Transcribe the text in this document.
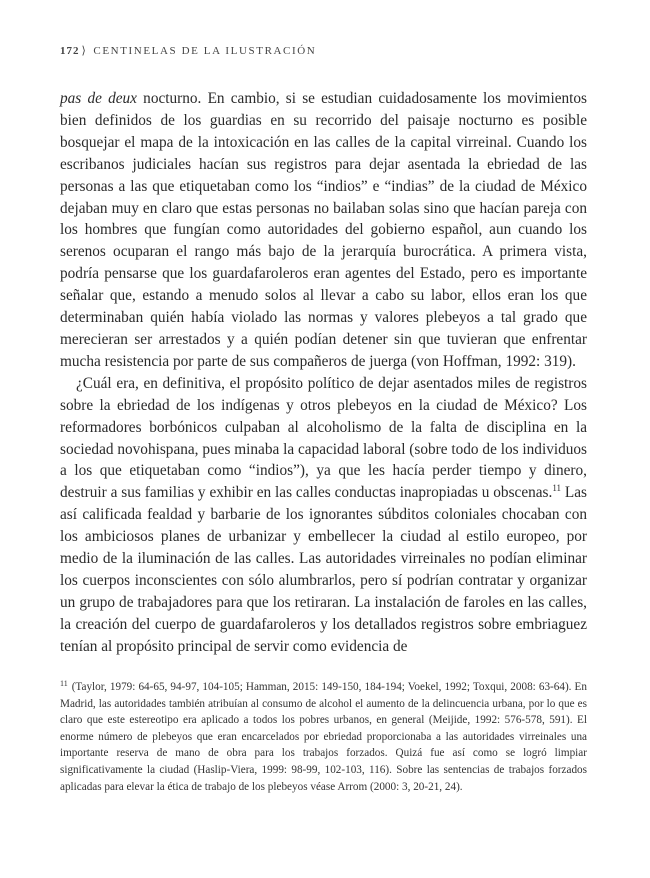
172 ⟩ CENTINELAS DE LA ILUSTRACIÓN

pas de deux nocturno. En cambio, si se estudian cuidadosamente los movimientos bien definidos de los guardias en su recorrido del paisaje nocturno es posible bosquejar el mapa de la intoxicación en las calles de la capital virreinal. Cuando los escribanos judiciales hacían sus registros para dejar asentada la ebriedad de las personas a las que etiquetaban como los “indios” e “indias” de la ciudad de México dejaban muy en claro que estas personas no bailaban solas sino que hacían pareja con los hombres que fungían como autoridades del gobierno español, aun cuando los serenos ocuparan el rango más bajo de la jerarquía burocrática. A primera vista, podría pensarse que los guardafaroleros eran agentes del Estado, pero es importante señalar que, estando a menudo solos al llevar a cabo su labor, ellos eran los que determinaban quién había violado las normas y valores plebeyos a tal grado que merecieran ser arrestados y a quién podían detener sin que tuvieran que enfrentar mucha resistencia por parte de sus compañeros de juerga (von Hoffman, 1992: 319).

¿Cuál era, en definitiva, el propósito político de dejar asentados miles de registros sobre la ebriedad de los indígenas y otros plebeyos en la ciudad de México? Los reformadores borbónicos culpaban al alcoholismo de la falta de disciplina en la sociedad novohispana, pues minaba la capacidad laboral (sobre todo de los individuos a los que etiquetaban como “indios”), ya que les hacía perder tiempo y dinero, destruir a sus familias y exhibir en las calles conductas inapropiadas u obscenas.$^{11}$ Las así calificada fealdad y barbarie de los ignorantes súbditos coloniales chocaban con los ambiciosos planes de urbanizar y embellecer la ciudad al estilo europeo, por medio de la iluminación de las calles. Las autoridades virreinales no podían eliminar los cuerpos inconscientes con sólo alumbrarlos, pero sí podrían contratar y organizar un grupo de trabajadores para que los retiraran. La instalación de faroles en las calles, la creación del cuerpo de guardafaroleros y los detallados registros sobre embriaguez tenían al propósito principal de servir como evidencia de

$^{11}$ (Taylor, 1979: 64-65, 94-97, 104-105; Hamman, 2015: 149-150, 184-194; Voekel, 1992; Toxqui, 2008: 63-64). En Madrid, las autoridades también atribuían al consumo de alcohol el aumento de la delincuencia urbana, por lo que es claro que este estereotipo era aplicado a todos los pobres urbanos, en general (Meijide, 1992: 576-578, 591). El enorme número de plebeyos que eran encarcelados por ebriedad proporcionaba a las autoridades virreinales una importante reserva de mano de obra para los trabajos forzados. Quizá fue así como se logró limpiar significativamente la ciudad (Haslip-Viera, 1999: 98-99, 102-103, 116). Sobre las sentencias de trabajos forzados aplicadas para elevar la ética de trabajo de los plebeyos véase Arrom (2000: 3, 20-21, 24).
